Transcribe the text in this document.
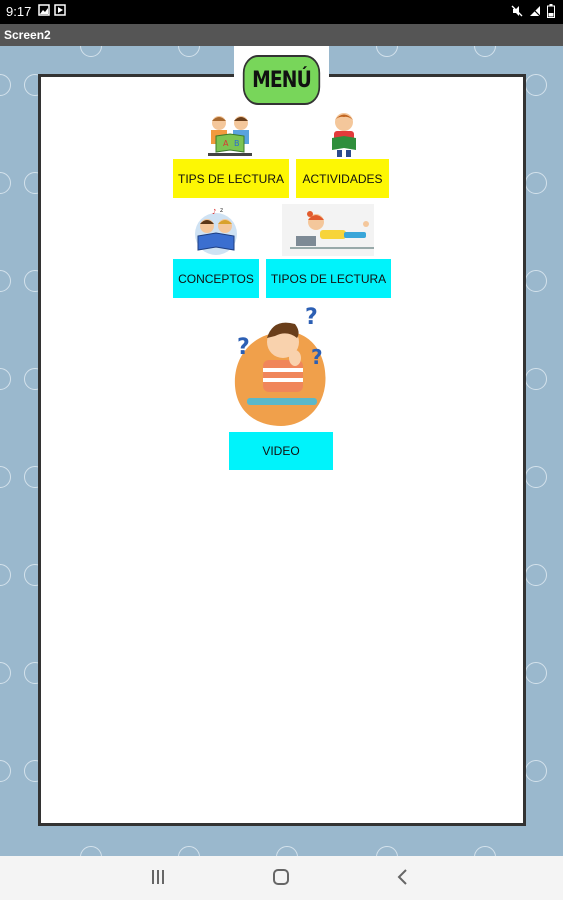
9:17
Screen2
MENÚ
A B
TIPS DE LECTURA	ACTIVIDADES
♪ z
CONCEPTOS	TIPOS DE LECTURA
?
?
?
VIDEO
